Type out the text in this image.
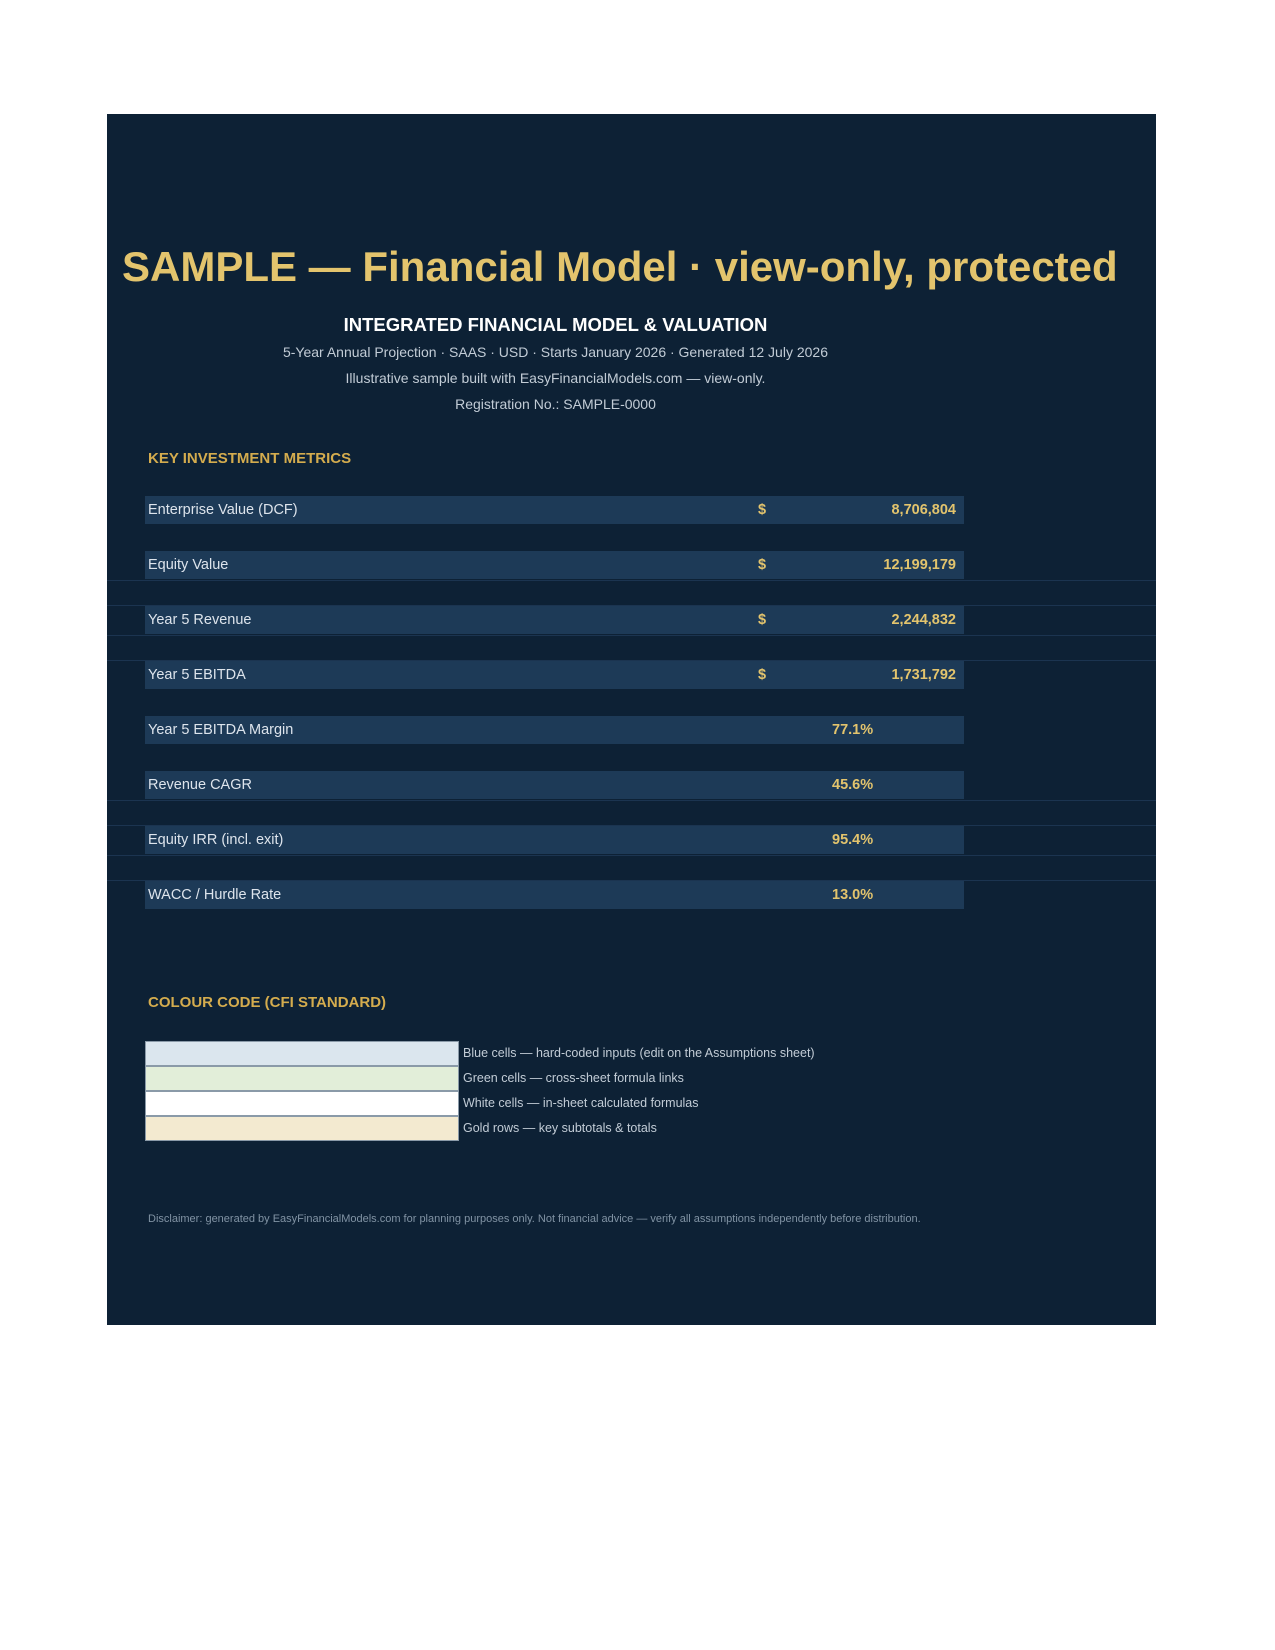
SAMPLE — Financial Model · view-only, protected
INTEGRATED FINANCIAL MODEL & VALUATION
5-Year Annual Projection · SAAS · USD · Starts January 2026 · Generated 12 July 2026
Illustrative sample built with EasyFinancialModels.com — view-only.
Registration No.: SAMPLE-0000
KEY INVESTMENT METRICS
Enterprise Value (DCF)	$	8,706,804
Equity Value	$	12,199,179
Year 5 Revenue	$	2,244,832
Year 5 EBITDA	$	1,731,792
Year 5 EBITDA Margin	77.1%
Revenue CAGR	45.6%
Equity IRR (incl. exit)	95.4%
WACC / Hurdle Rate	13.0%
COLOUR CODE (CFI STANDARD)
Blue cells — hard-coded inputs (edit on the Assumptions sheet)
Green cells — cross-sheet formula links
White cells — in-sheet calculated formulas
Gold rows — key subtotals & totals
Disclaimer: generated by EasyFinancialModels.com for planning purposes only. Not financial advice — verify all assumptions independently before distribution.
